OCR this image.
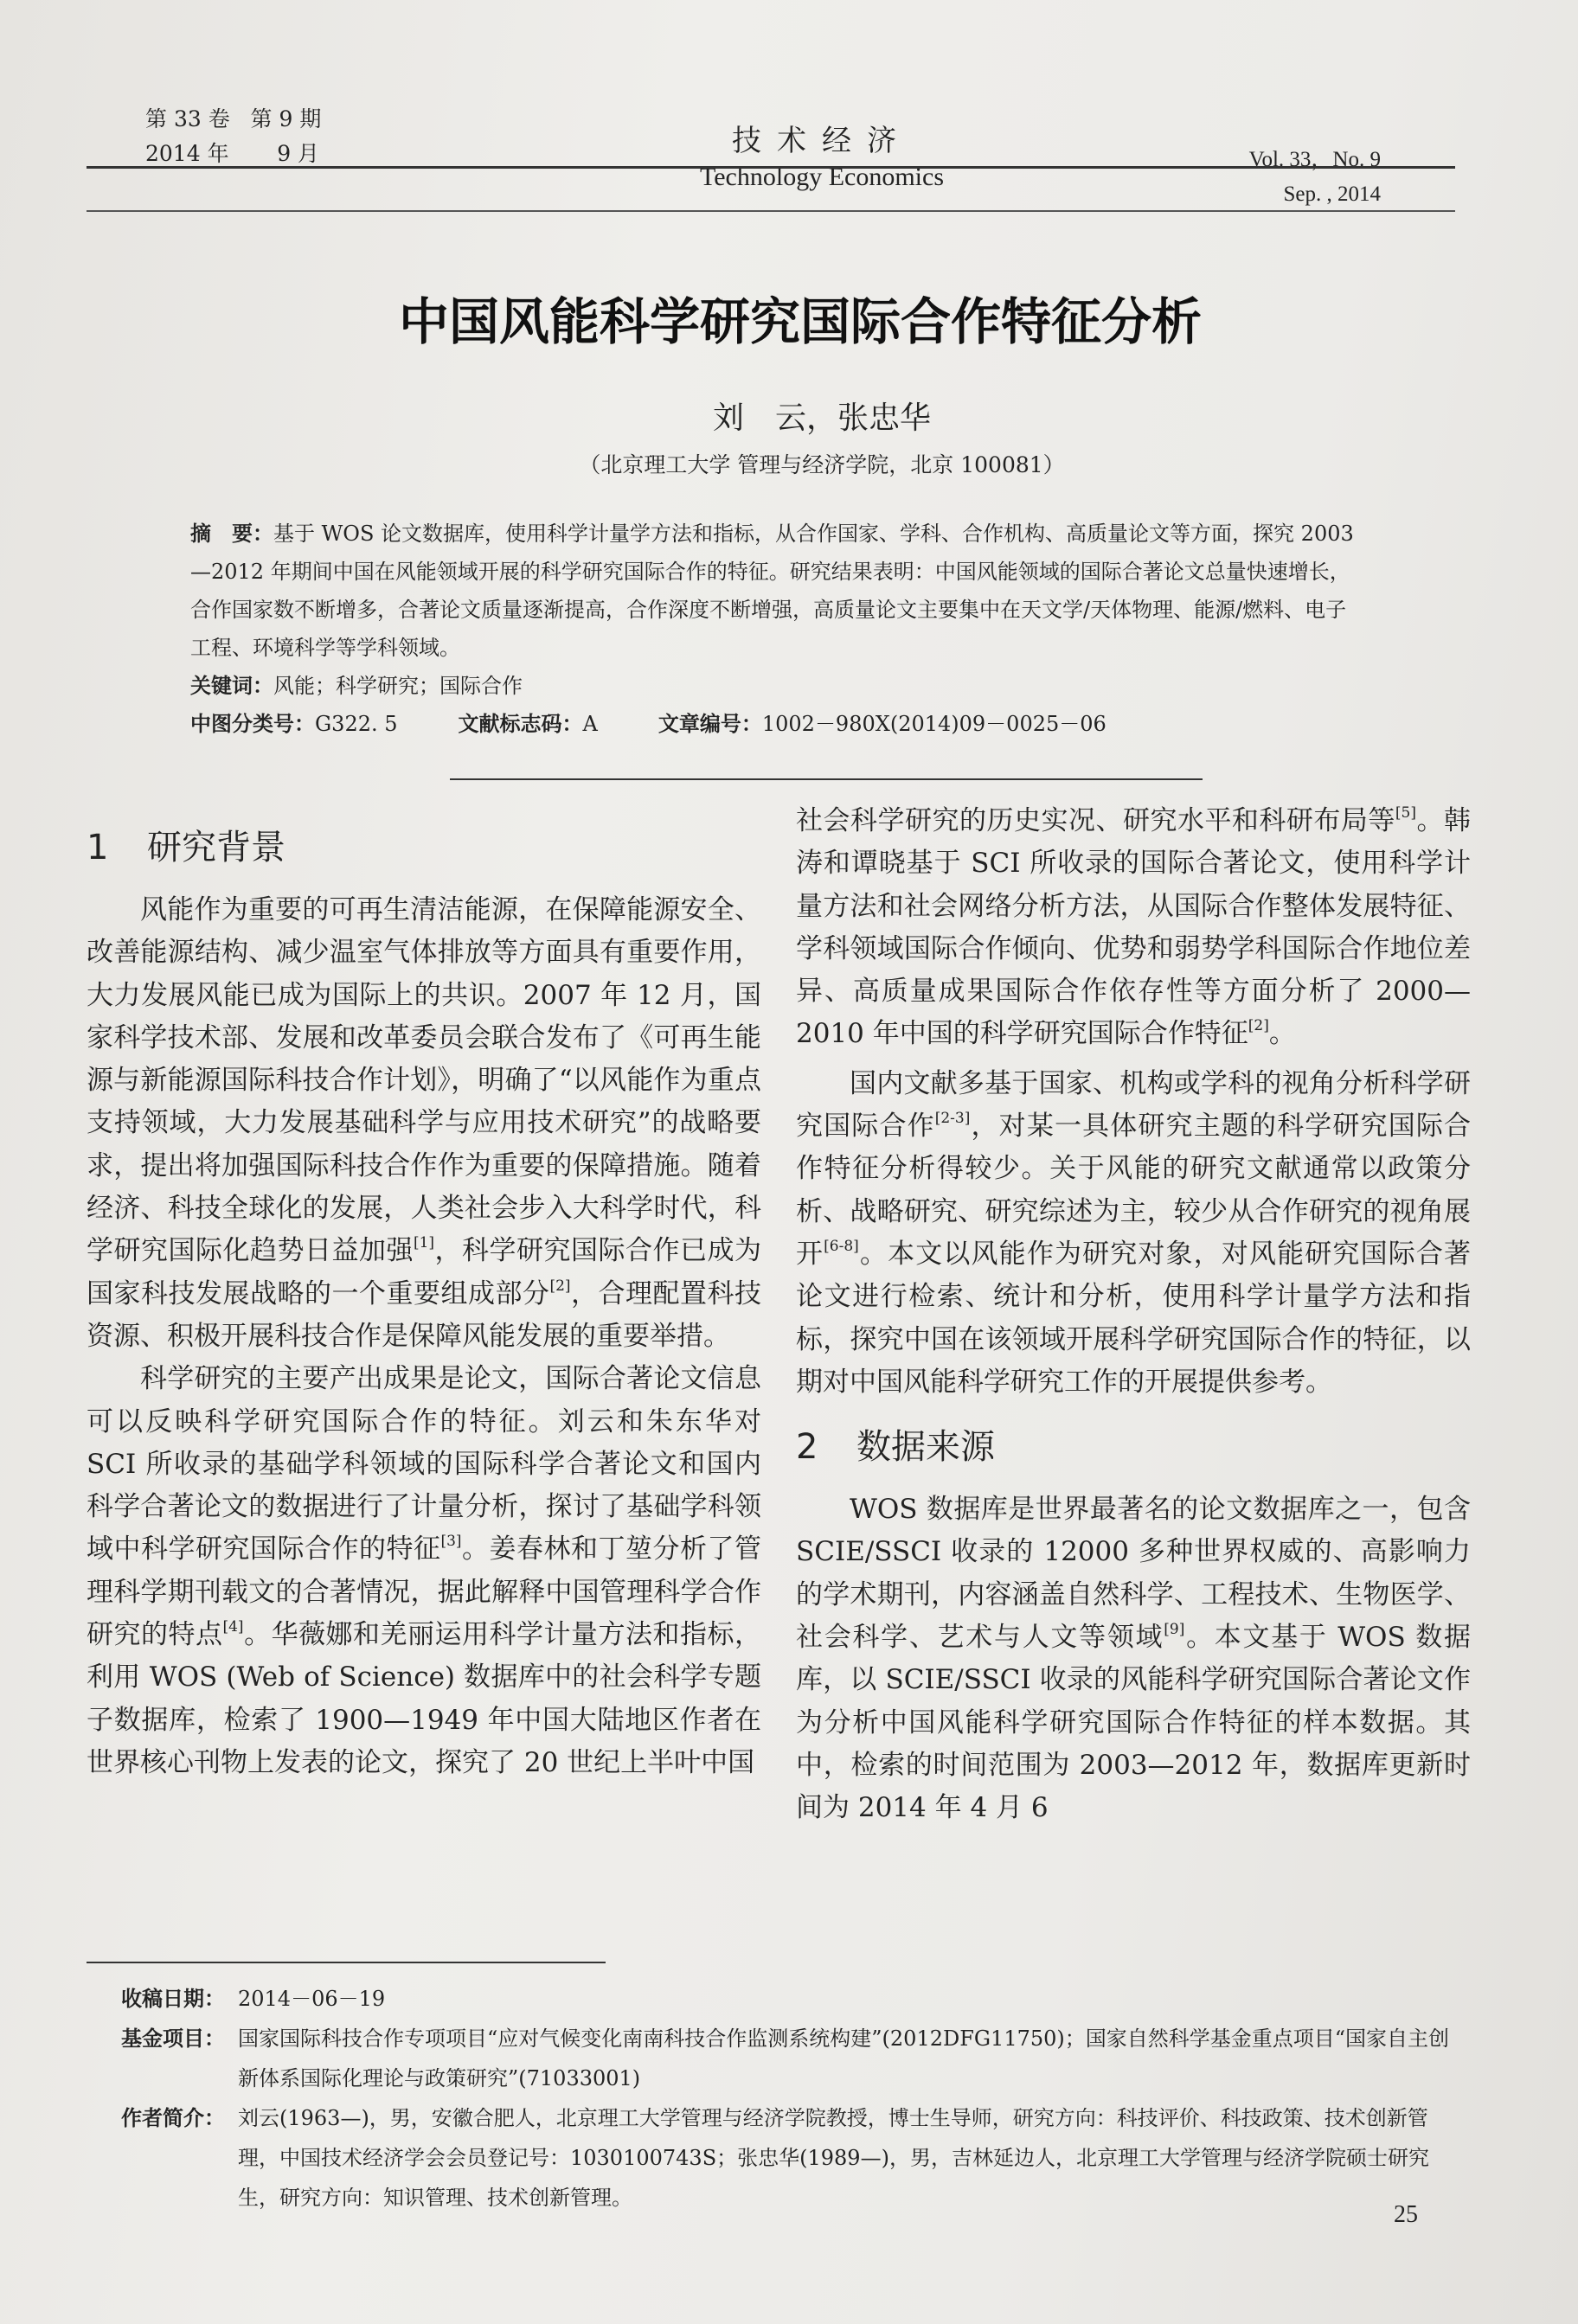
第 33 卷   第 9 期
2014 年       9 月	技术经济
Technology Economics
Vol. 33，No. 9
Sep. , 2014
中国风能科学研究国际合作特征分析
刘　云，张忠华
（北京理工大学 管理与经济学院，北京 100081）
摘　要：基于 WOS 论文数据库，使用科学计量学方法和指标，从合作国家、学科、合作机构、高质量论文等方面，探究 2003—2012 年期间中国在风能领域开展的科学研究国际合作的特征。研究结果表明：中国风能领域的国际合著论文总量快速增长，合作国家数不断增多，合著论文质量逐渐提高，合作深度不断增强，高质量论文主要集中在天文学/天体物理、能源/燃料、电子工程、环境科学等学科领域。
关键词：风能；科学研究；国际合作
中图分类号：G322. 5	文献标志码：A	文章编号：1002－980X(2014)09－0025－06
1 研究背景

风能作为重要的可再生清洁能源，在保障能源安全、改善能源结构、减少温室气体排放等方面具有重要作用，大力发展风能已成为国际上的共识。2007 年 12 月，国家科学技术部、发展和改革委员会联合发布了《可再生能源与新能源国际科技合作计划》，明确了“以风能作为重点支持领域，大力发展基础科学与应用技术研究”的战略要求，提出将加强国际科技合作作为重要的保障措施。随着经济、科技全球化的发展，人类社会步入大科学时代，科学研究国际化趋势日益加强[1]，科学研究国际合作已成为国家科技发展战略的一个重要组成部分[2]，合理配置科技资源、积极开展科技合作是保障风能发展的重要举措。

科学研究的主要产出成果是论文，国际合著论文信息可以反映科学研究国际合作的特征。刘云和朱东华对 SCI 所收录的基础学科领域的国际科学合著论文和国内科学合著论文的数据进行了计量分析，探讨了基础学科领域中科学研究国际合作的特征[3]。姜春林和丁堃分析了管理科学期刊载文的合著情况，据此解释中国管理科学合作研究的特点[4]。华薇娜和羌丽运用科学计量方法和指标，利用 WOS (Web of Science) 数据库中的社会科学专题子数据库，检索了 1900—1949 年中国大陆地区作者在世界核心刊物上发表的论文，探究了 20 世纪上半叶中国

社会科学研究的历史实况、研究水平和科研布局等[5]。韩涛和谭晓基于 SCI 所收录的国际合著论文，使用科学计量方法和社会网络分析方法，从国际合作整体发展特征、学科领域国际合作倾向、优势和弱势学科国际合作地位差异、高质量成果国际合作依存性等方面分析了 2000—2010 年中国的科学研究国际合作特征[2]。

国内文献多基于国家、机构或学科的视角分析科学研究国际合作[2-3]，对某一具体研究主题的科学研究国际合作特征分析得较少。关于风能的研究文献通常以政策分析、战略研究、研究综述为主，较少从合作研究的视角展开[6-8]。本文以风能作为研究对象，对风能研究国际合著论文进行检索、统计和分析，使用科学计量学方法和指标，探究中国在该领域开展科学研究国际合作的特征，以期对中国风能科学研究工作的开展提供参考。

2 数据来源

WOS 数据库是世界最著名的论文数据库之一，包含 SCIE/SSCI 收录的 12000 多种世界权威的、高影响力的学术期刊，内容涵盖自然科学、工程技术、生物医学、社会科学、艺术与人文等领域[9]。本文基于 WOS 数据库，以 SCIE/SSCI 收录的风能科学研究国际合著论文作为分析中国风能科学研究国际合作特征的样本数据。其中，检索的时间范围为 2003—2012 年，数据库更新时间为 2014 年 4 月 6

收稿日期： 2014－06－19
基金项目： 国家国际科技合作专项项目“应对气候变化南南科技合作监测系统构建”(2012DFG11750)；国家自然科学基金重点项目“国家自主创新体系国际化理论与政策研究”(71033001)
作者简介： 刘云(1963—)，男，安徽合肥人，北京理工大学管理与经济学院教授，博士生导师，研究方向：科技评价、科技政策、技术创新管理，中国技术经济学会会员登记号：1030100743S；张忠华(1989—)，男，吉林延边人，北京理工大学管理与经济学院硕士研究生，研究方向：知识管理、技术创新管理。
25
